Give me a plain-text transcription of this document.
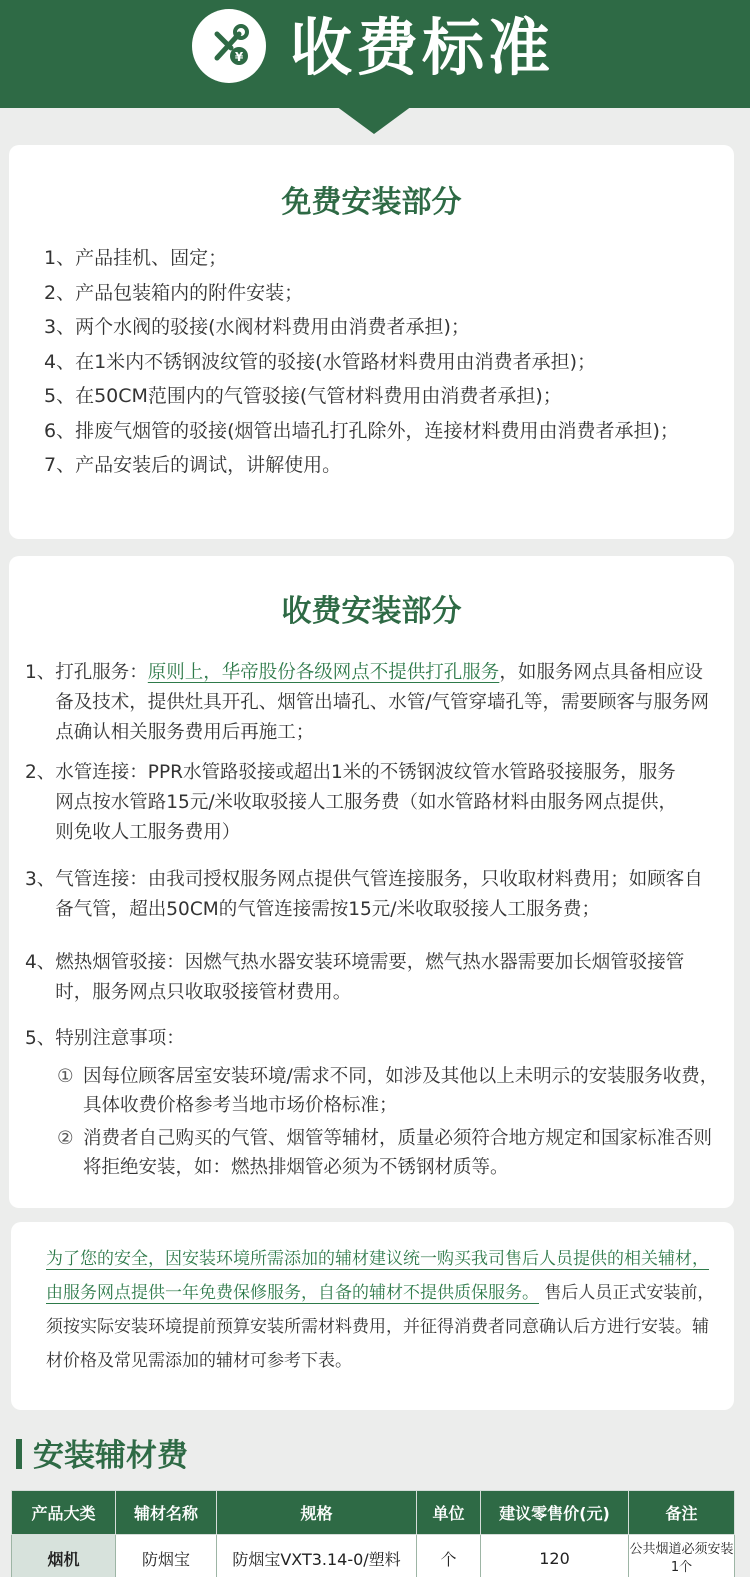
¥ 收费标准
免费安装部分
1、 产品挂机、固定；
2、 产品包装箱内的附件安装；
3、 两个水阀的驳接(水阀材料费用由消费者承担)；
4、 在1米内不锈钢波纹管的驳接(水管路材料费用由消费者承担)；
5、 在50CM范围内的气管驳接(气管材料费用由消费者承担)；
6、 排废气烟管的驳接(烟管出墙孔打孔除外，连接材料费用由消费者承担)；
7、 产品安装后的调试，讲解使用。
收费安装部分
1、 打孔服务：原则上，华帝股份各级网点不提供打孔服务，如服务网点具备相应设备及技术，提供灶具开孔、烟管出墙孔、水管/气管穿墙孔等，需要顾客与服务网点确认相关服务费用后再施工；
2、 水管连接：PPR水管路驳接或超出1米的不锈钢波纹管水管路驳接服务，服务网点按水管路15元/米收取驳接人工服务费（如水管路材料由服务网点提供，则免收人工服务费用）
3、 气管连接：由我司授权服务网点提供气管连接服务，只收取材料费用；如顾客自备气管，超出50CM的气管连接需按15元/米收取驳接人工服务费；
4、 燃热烟管驳接：因燃气热水器安装环境需要，燃气热水器需要加长烟管驳接管时，服务网点只收取驳接管材费用。
5、 特别注意事项：
① 因每位顾客居室安装环境/需求不同，如涉及其他以上未明示的安装服务收费，具体收费价格参考当地市场价格标准；
② 消费者自己购买的气管、烟管等辅材，质量必须符合地方规定和国家标准否则将拒绝安装，如：燃热排烟管必须为不锈钢材质等。
为了您的安全，因安装环境所需添加的辅材建议统一购买我司售后人员提供的相关辅材，由服务网点提供一年免费保修服务，自备的辅材不提供质保服务。 售后人员正式安装前，须按实际安装环境提前预算安装所需材料费用，并征得消费者同意确认后方进行安装。辅材价格及常见需添加的辅材可参考下表。
安装辅材费
产品大类	辅材名称	规格	单位	建议零售价(元)	备注
烟机	防烟宝	防烟宝VXT3.14-0/塑料	个	120	公共烟道必须安装1个
